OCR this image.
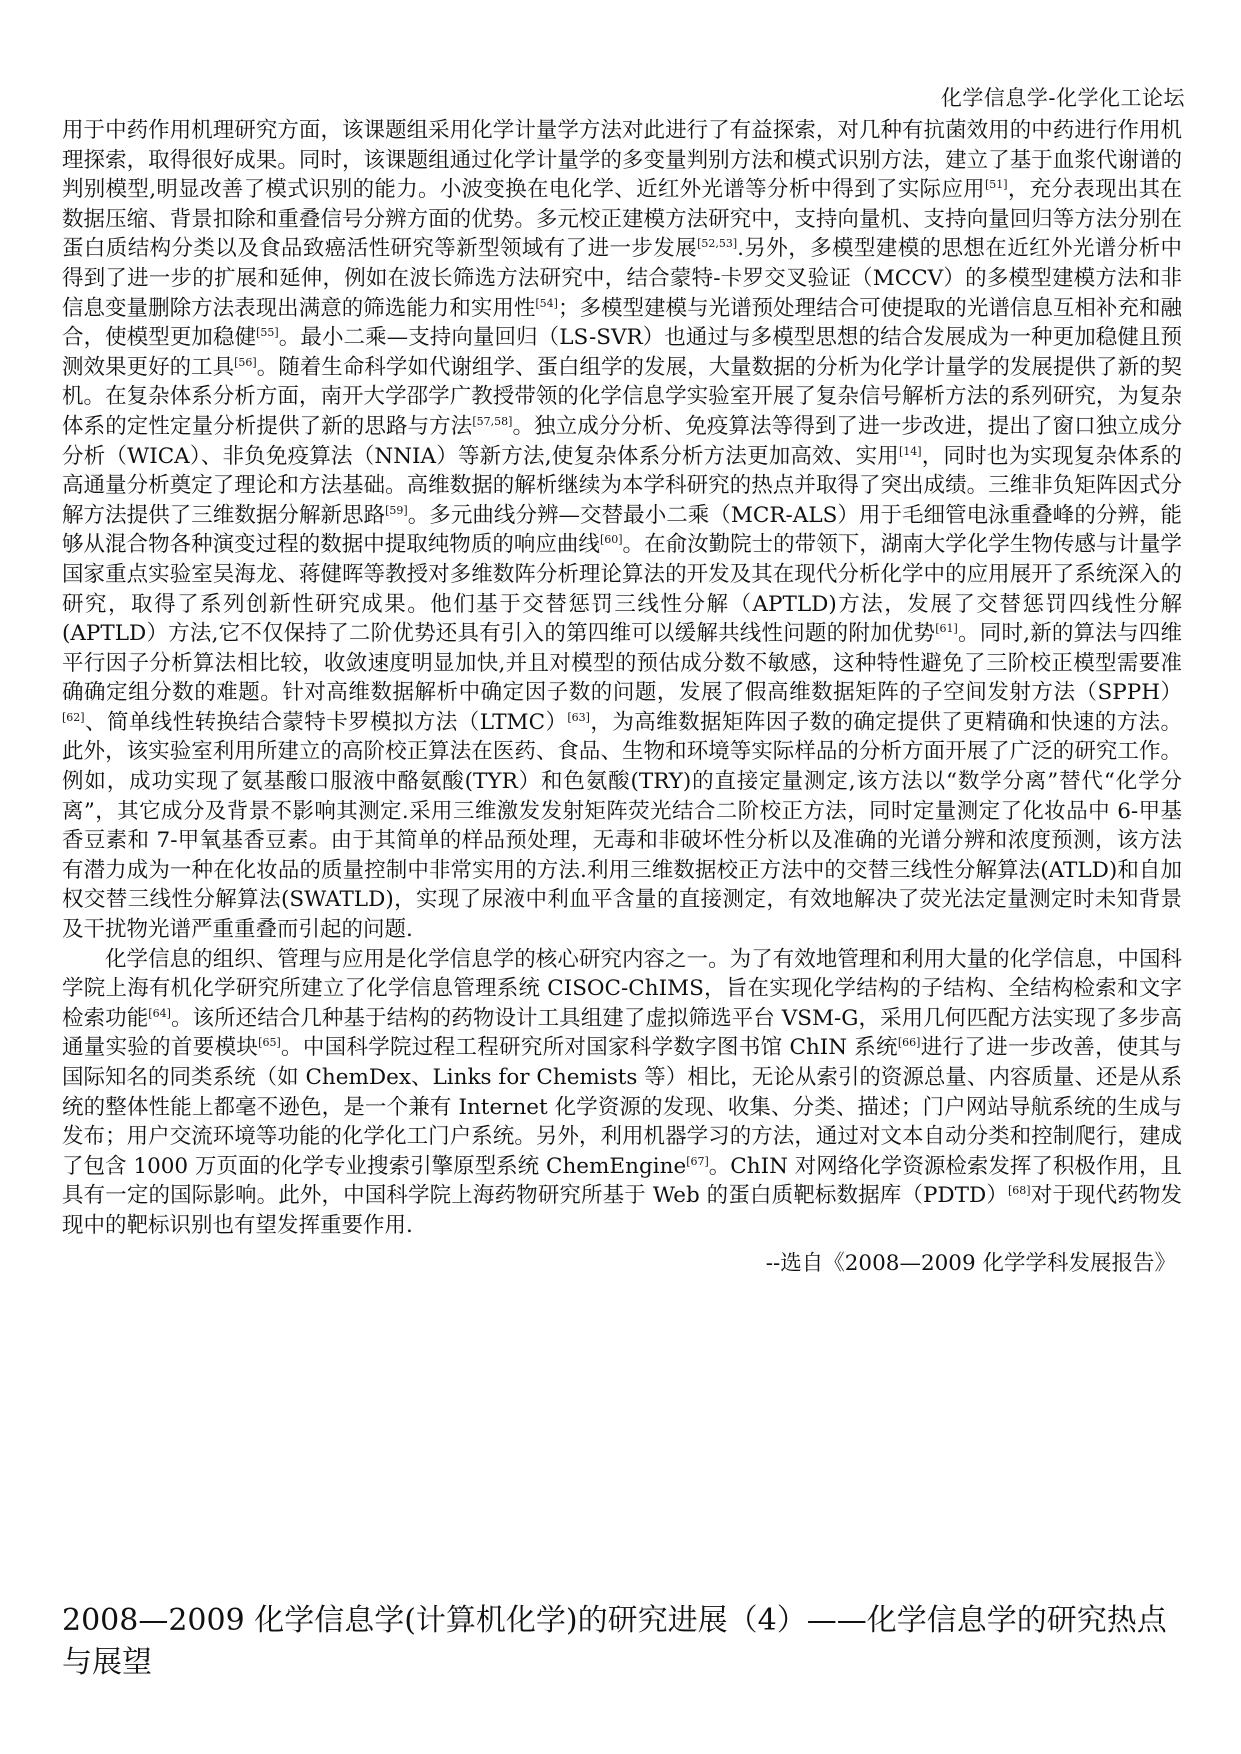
化学信息学-化学化工论坛

用于中药作用机理研究方面，该课题组采用化学计量学方法对此进行了有益探索，对几种有抗菌效用的中药进行作用机理探索，取得很好成果。同时，该课题组通过化学计量学的多变量判别方法和模式识别方法，建立了基于血浆代谢谱的判别模型,明显改善了模式识别的能力。小波变换在电化学、近红外光谱等分析中得到了实际应用[51]，充分表现出其在数据压缩、背景扣除和重叠信号分辨方面的优势。多元校正建模方法研究中，支持向量机、支持向量回归等方法分别在蛋白质结构分类以及食品致癌活性研究等新型领域有了进一步发展[52,53].另外，多模型建模的思想在近红外光谱分析中得到了进一步的扩展和延伸，例如在波长筛选方法研究中，结合蒙特-卡罗交叉验证（MCCV）的多模型建模方法和非信息变量删除方法表现出满意的筛选能力和实用性[54]；多模型建模与光谱预处理结合可使提取的光谱信息互相补充和融合，使模型更加稳健[55]。最小二乘—支持向量回归（LS-SVR）也通过与多模型思想的结合发展成为一种更加稳健且预测效果更好的工具[56]。随着生命科学如代谢组学、蛋白组学的发展，大量数据的分析为化学计量学的发展提供了新的契机。在复杂体系分析方面，南开大学邵学广教授带领的化学信息学实验室开展了复杂信号解析方法的系列研究，为复杂体系的定性定量分析提供了新的思路与方法[57,58]。独立成分分析、免疫算法等得到了进一步改进，提出了窗口独立成分分析（WICA）、非负免疫算法（NNIA）等新方法,使复杂体系分析方法更加高效、实用[14]，同时也为实现复杂体系的高通量分析奠定了理论和方法基础。高维数据的解析继续为本学科研究的热点并取得了突出成绩。三维非负矩阵因式分解方法提供了三维数据分解新思路[59]。多元曲线分辨—交替最小二乘（MCR-ALS）用于毛细管电泳重叠峰的分辨，能够从混合物各种演变过程的数据中提取纯物质的响应曲线[60]。在俞汝勤院士的带领下，湖南大学化学生物传感与计量学国家重点实验室吴海龙、蒋健晖等教授对多维数阵分析理论算法的开发及其在现代分析化学中的应用展开了系统深入的研究，取得了系列创新性研究成果。他们基于交替惩罚三线性分解（APTLD)方法，发展了交替惩罚四线性分解(APTLD）方法,它不仅保持了二阶优势还具有引入的第四维可以缓解共线性问题的附加优势[61]。同时,新的算法与四维平行因子分析算法相比较，收敛速度明显加快,并且对模型的预估成分数不敏感，这种特性避免了三阶校正模型需要准确确定组分数的难题。针对高维数据解析中确定因子数的问题，发展了假高维数据矩阵的子空间发射方法（SPPH）[62]、简单线性转换结合蒙特卡罗模拟方法（LTMC）[63]，为高维数据矩阵因子数的确定提供了更精确和快速的方法。此外，该实验室利用所建立的高阶校正算法在医药、食品、生物和环境等实际样品的分析方面开展了广泛的研究工作。例如，成功实现了氨基酸口服液中酪氨酸(TYR）和色氨酸(TRY)的直接定量测定,该方法以“数学分离”替代“化学分离”，其它成分及背景不影响其测定.采用三维激发发射矩阵荧光结合二阶校正方法，同时定量测定了化妆品中 6-甲基香豆素和 7-甲氧基香豆素。由于其简单的样品预处理，无毒和非破坏性分析以及准确的光谱分辨和浓度预测，该方法有潜力成为一种在化妆品的质量控制中非常实用的方法.利用三维数据校正方法中的交替三线性分解算法(ATLD)和自加权交替三线性分解算法(SWATLD)，实现了尿液中利血平含量的直接测定，有效地解决了荧光法定量测定时未知背景及干扰物光谱严重重叠而引起的问题.

化学信息的组织、管理与应用是化学信息学的核心研究内容之一。为了有效地管理和利用大量的化学信息，中国科学院上海有机化学研究所建立了化学信息管理系统 CISOC-ChIMS，旨在实现化学结构的子结构、全结构检索和文字检索功能[64]。该所还结合几种基于结构的药物设计工具组建了虚拟筛选平台 VSM-G，采用几何匹配方法实现了多步高通量实验的首要模块[65]。中国科学院过程工程研究所对国家科学数字图书馆 ChIN 系统[66]进行了进一步改善，使其与国际知名的同类系统（如 ChemDex、Links for Chemists 等）相比，无论从索引的资源总量、内容质量、还是从系统的整体性能上都毫不逊色，是一个兼有 Internet 化学资源的发现、收集、分类、描述；门户网站导航系统的生成与发布；用户交流环境等功能的化学化工门户系统。另外，利用机器学习的方法，通过对文本自动分类和控制爬行，建成了包含 1000 万页面的化学专业搜索引擎原型系统 ChemEngine[67]。ChIN 对网络化学资源检索发挥了积极作用，且具有一定的国际影响。此外，中国科学院上海药物研究所基于 Web 的蛋白质靶标数据库（PDTD）[68]对于现代药物发现中的靶标识别也有望发挥重要作用.

--选自《2008—2009 化学学科发展报告》
2008—2009 化学信息学(计算机化学)的研究进展（4）——化学信息学的研究热点与展望
